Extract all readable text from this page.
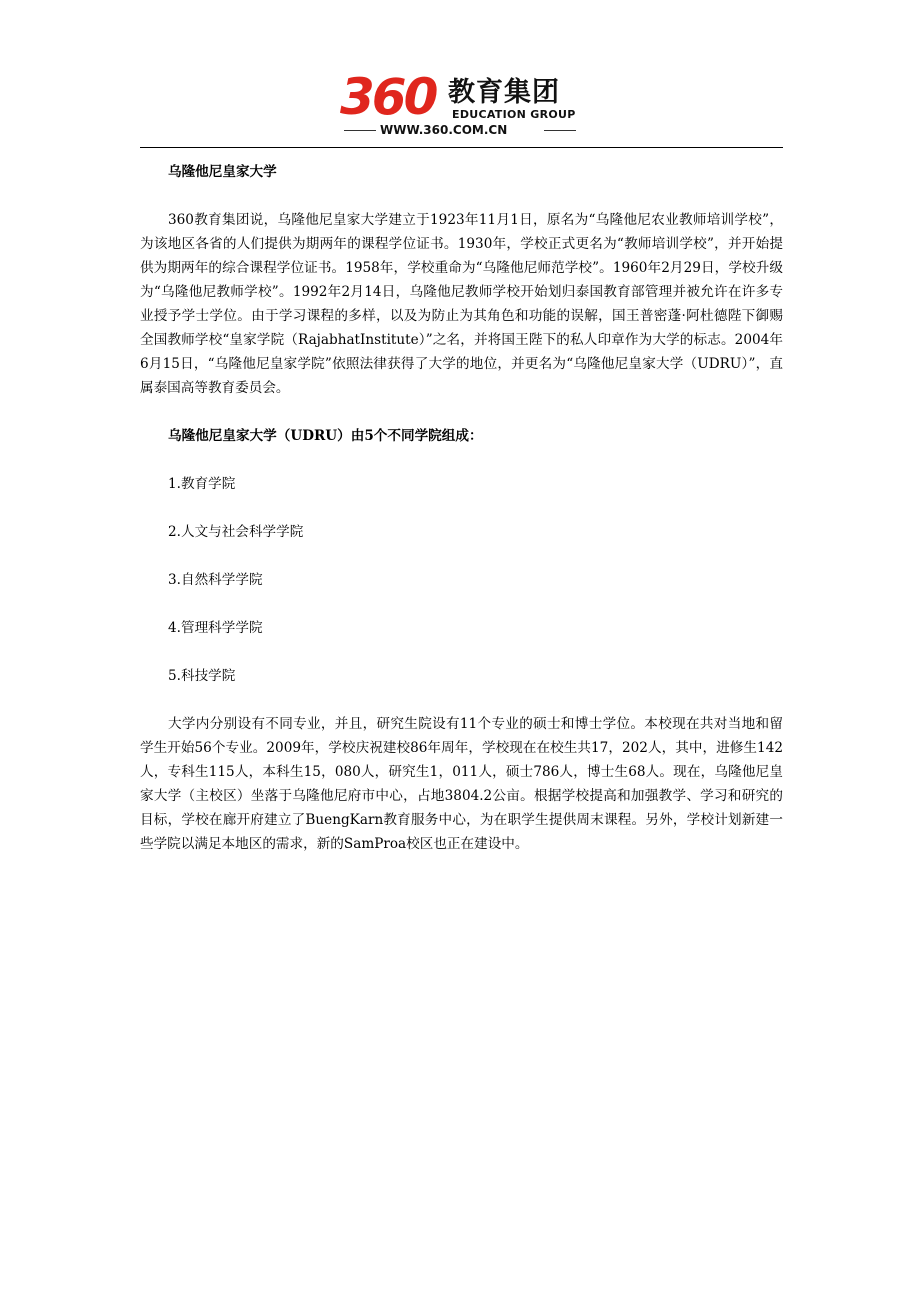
360 教育集团
EDUCATION GROUP
WWW.360.COM.CN

乌隆他尼皇家大学

360教育集团说，乌隆他尼皇家大学建立于1923年11月1日，原名为“乌隆他尼农业教师培训学校”，为该地区各省的人们提供为期两年的课程学位证书。1930年，学校正式更名为“教师培训学校”，并开始提供为期两年的综合课程学位证书。1958年，学校重命为“乌隆他尼师范学校”。1960年2月29日，学校升级为“乌隆他尼教师学校”。1992年2月14日，乌隆他尼教师学校开始划归泰国教育部管理并被允许在许多专业授予学士学位。由于学习课程的多样，以及为防止为其角色和功能的误解，国王普密蓬·阿杜德陛下御赐全国教师学校“皇家学院（RajabhatInstitute）”之名，并将国王陛下的私人印章作为大学的标志。2004年6月15日，“乌隆他尼皇家学院”依照法律获得了大学的地位，并更名为“乌隆他尼皇家大学（UDRU）”，直属泰国高等教育委员会。

乌隆他尼皇家大学（UDRU）由5个不同学院组成：

1.教育学院

2.人文与社会科学学院

3.自然科学学院

4.管理科学学院

5.科技学院

大学内分别设有不同专业，并且，研究生院设有11个专业的硕士和博士学位。本校现在共对当地和留学生开始56个专业。2009年，学校庆祝建校86年周年，学校现在在校生共17，202人，其中，进修生142人，专科生115人，本科生15，080人，研究生1，011人，硕士786人，博士生68人。现在，乌隆他尼皇家大学（主校区）坐落于乌隆他尼府市中心，占地3804.2公亩。根据学校提高和加强教学、学习和研究的目标，学校在廊开府建立了BuengKarn教育服务中心，为在职学生提供周末课程。另外，学校计划新建一些学院以满足本地区的需求，新的SamProa校区也正在建设中。
